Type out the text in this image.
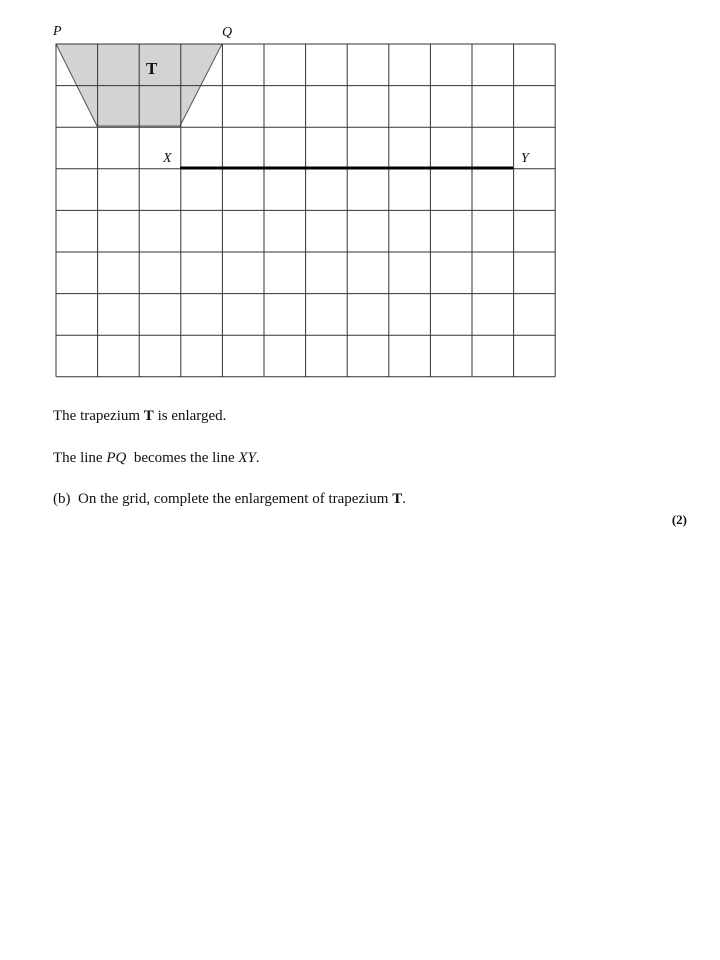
P	Q
X	Y
T
The trapezium T is enlarged.
The line PQ  becomes the line XY.
(b) On the grid, complete the enlargement of trapezium T.
(2)
